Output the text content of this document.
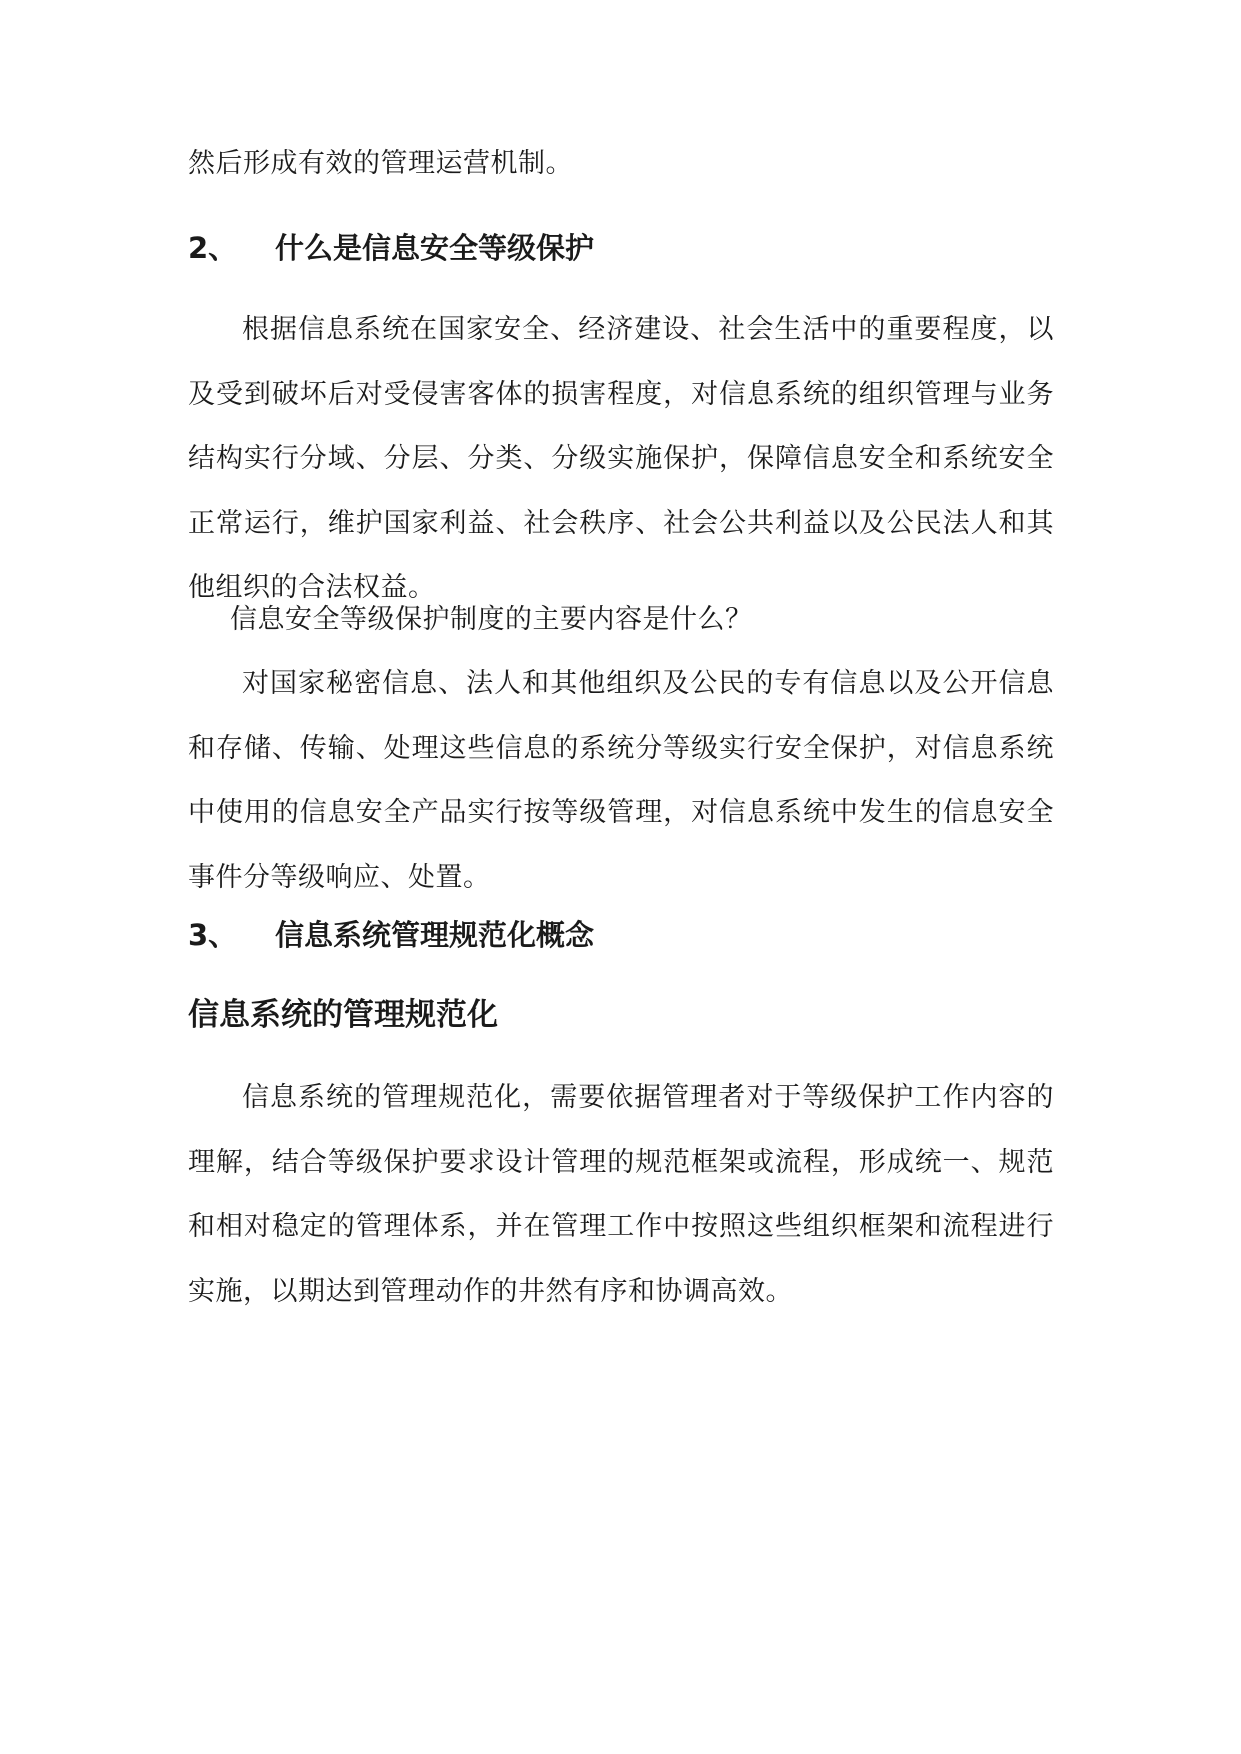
然后形成有效的管理运营机制。
2、 什么是信息安全等级保护
根据信息系统在国家安全、经济建设、社会生活中的重要程度，以及受到破坏后对受侵害客体的损害程度，对信息系统的组织管理与业务结构实行分域、分层、分类、分级实施保护，保障信息安全和系统安全正常运行，维护国家利益、社会秩序、社会公共利益以及公民法人和其他组织的合法权益。
信息安全等级保护制度的主要内容是什么？
对国家秘密信息、法人和其他组织及公民的专有信息以及公开信息和存储、传输、处理这些信息的系统分等级实行安全保护，对信息系统中使用的信息安全产品实行按等级管理，对信息系统中发生的信息安全事件分等级响应、处置。
3、 信息系统管理规范化概念
信息系统的管理规范化
信息系统的管理规范化，需要依据管理者对于等级保护工作内容的理解，结合等级保护要求设计管理的规范框架或流程，形成统一、规范和相对稳定的管理体系，并在管理工作中按照这些组织框架和流程进行实施，以期达到管理动作的井然有序和协调高效。
